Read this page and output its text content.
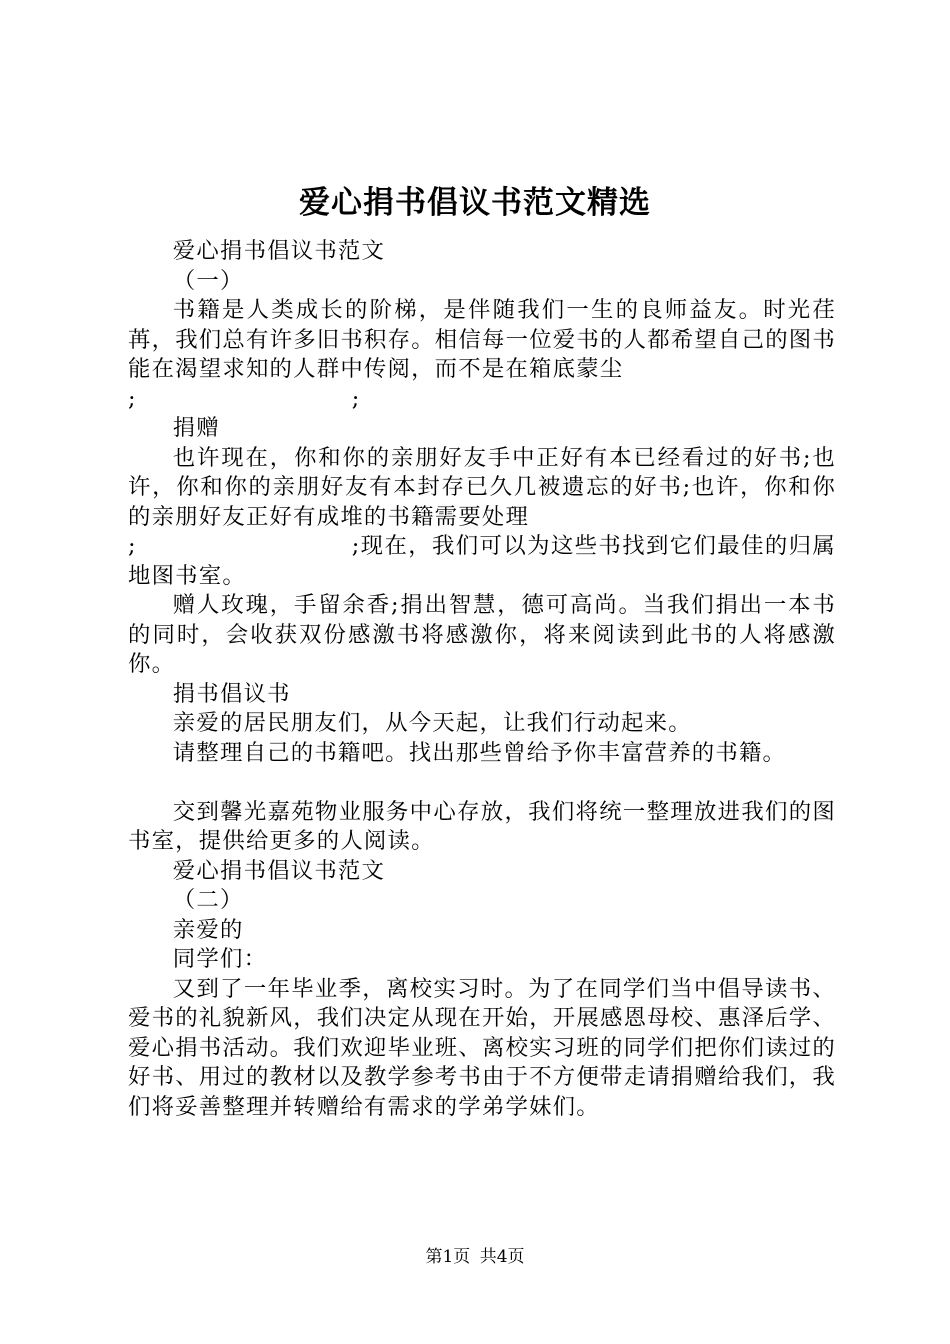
爱心捐书倡议书范文精选

爱心捐书倡议书范文

（一）

书籍是人类成长的阶梯，是伴随我们一生的良师益友。时光荏苒，我们总有许多旧书积存。相信每一位爱书的人都希望自己的图书能在渴望求知的人群中传阅，而不是在箱底蒙尘

;	;

捐赠

也许现在，你和你的亲朋好友手中正好有本已经看过的好书;也许，你和你的亲朋好友有本封存已久几被遗忘的好书;也许，你和你的亲朋好友正好有成堆的书籍需要处理

;	;现在，我们可以为这些书找到它们最佳的归属地图书室。

赠人玫瑰，手留余香;捐出智慧，德可高尚。当我们捐出一本书的同时，会收获双份感激书将感激你，将来阅读到此书的人将感激你。

捐书倡议书

亲爱的居民朋友们，从今天起，让我们行动起来。

请整理自己的书籍吧。找出那些曾给予你丰富营养的书籍。

交到馨光嘉苑物业服务中心存放，我们将统一整理放进我们的图书室，提供给更多的人阅读。

爱心捐书倡议书范文

（二）

亲爱的

同学们：

又到了一年毕业季，离校实习时。为了在同学们当中倡导读书、爱书的礼貌新风，我们决定从现在开始，开展感恩母校、惠泽后学、爱心捐书活动。我们欢迎毕业班、离校实习班的同学们把你们读过的好书、用过的教材以及教学参考书由于不方便带走请捐赠给我们，我们将妥善整理并转赠给有需求的学弟学妹们。

第1页 共4页
